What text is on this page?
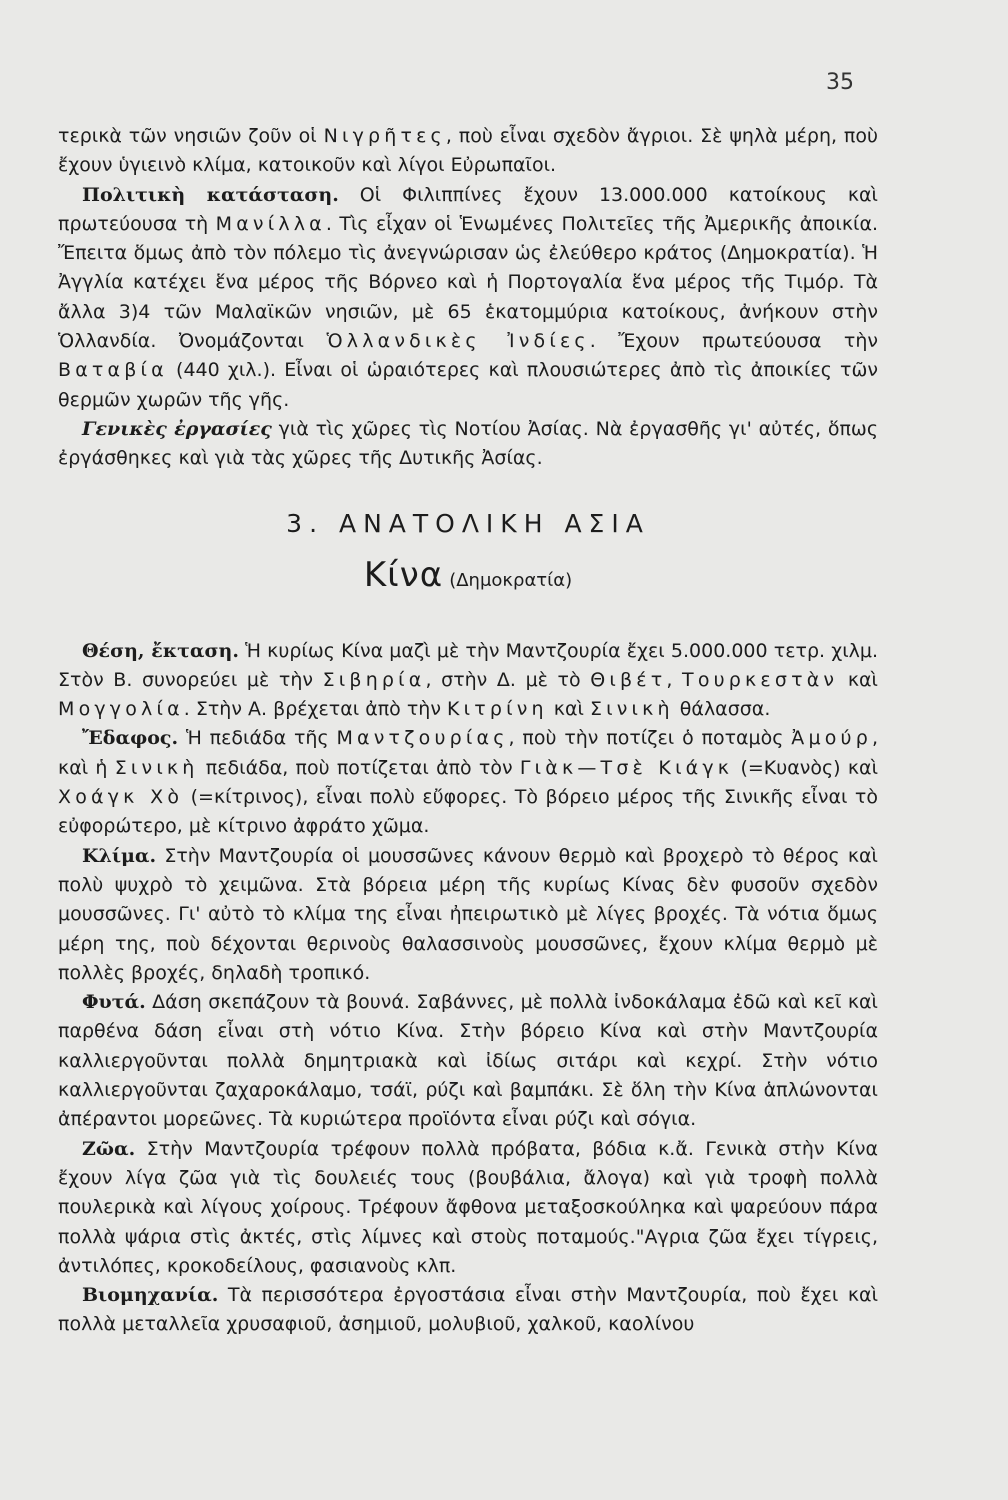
35

τερικὰ τῶν νησιῶν ζοῦν οἱ Νιγρῆτες, ποὺ εἶναι σχεδὸν ἄγριοι. Σὲ ψηλὰ μέρη, ποὺ ἔχουν ὑγιεινὸ κλίμα, κατοικοῦν καὶ λίγοι Εὐρωπαῖοι.

Πολιτικὴ κατάσταση. Οἱ Φιλιππίνες ἔχουν 13.000.000 κατοίκους καὶ πρωτεύουσα τὴ Μανίλλα. Τὶς εἶχαν οἱ Ἑνωμένες Πολιτεῖες τῆς Ἀμερικῆς ἀποικία. Ἔπειτα ὅμως ἀπὸ τὸν πόλεμο τὶς ἀνεγνώρισαν ὡς ἐλεύθερο κράτος (Δημοκρατία). Ἡ Ἀγγλία κατέχει ἕνα μέρος τῆς Βόρνεο καὶ ἡ Πορτογαλία ἕνα μέρος τῆς Τιμόρ. Τὰ ἄλλα 3)4 τῶν Μαλαϊκῶν νησιῶν, μὲ 65 ἑκατομμύρια κατοίκους, ἀνήκουν στὴν Ὁλλανδία. Ὀνομάζονται Ὁλλανδικὲς Ἰνδίες. Ἔχουν πρωτεύουσα τὴν Βαταβία (440 χιλ.). Εἶναι οἱ ὡραιότερες καὶ πλουσιώτερες ἀπὸ τὶς ἀποικίες τῶν θερμῶν χωρῶν τῆς γῆς.

Γενικὲς ἐργασίες γιὰ τὶς χῶρες τὶς Νοτίου Ἀσίας. Νὰ ἐργασθῆς γι' αὐτές, ὅπως ἐργάσθηκες καὶ γιὰ τὰς χῶρες τῆς Δυτικῆς Ἀσίας.

3. ΑΝΑΤΟΛΙΚΗ ΑΣΙΑ
Κίνα (Δημοκρατία)

Θέση, ἔκταση. Ἡ κυρίως Κίνα μαζὶ μὲ τὴν Μαντζουρία ἔχει 5.000.000 τετρ. χιλμ. Στὸν Β. συνορεύει μὲ τὴν Σιβηρία, στὴν Δ. μὲ τὸ Θιβέτ, Τουρκεστὰν καὶ Μογγολία. Στὴν Α. βρέχεται ἀπὸ τὴν Κιτρίνη καὶ Σινικὴ θάλασσα.

Ἔδαφος. Ἡ πεδιάδα τῆς Μαντζουρίας, ποὺ τὴν ποτίζει ὁ ποταμὸς Ἀμούρ, καὶ ἡ Σινικὴ πεδιάδα, ποὺ ποτίζεται ἀπὸ τὸν Γιὰκ—Τσὲ Κιάγκ (=Κυανὸς) καὶ Χοάγκ Χὸ (=κίτρινος), εἶναι πολὺ εὔφορες. Τὸ βόρειο μέρος τῆς Σινικῆς εἶναι τὸ εὐφορώτερο, μὲ κίτρινο ἀφράτο χῶμα.

Κλίμα. Στὴν Μαντζουρία οἱ μουσσῶνες κάνουν θερμὸ καὶ βροχερὸ τὸ θέρος καὶ πολὺ ψυχρὸ τὸ χειμῶνα. Στὰ βόρεια μέρη τῆς κυρίως Κίνας δὲν φυσοῦν σχεδὸν μουσσῶνες. Γι' αὐτὸ τὸ κλίμα της εἶναι ἠπειρωτικὸ μὲ λίγες βροχές. Τὰ νότια ὅμως μέρη της, ποὺ δέχονται θερινοὺς θαλασσινοὺς μουσσῶνες, ἔχουν κλίμα θερμὸ μὲ πολλὲς βροχές, δηλαδὴ τροπικό.

Φυτά. Δάση σκεπάζουν τὰ βουνά. Σαβάννες, μὲ πολλὰ ἰνδοκάλαμα ἐδῶ καὶ κεῖ καὶ παρθένα δάση εἶναι στὴ νότιο Κίνα. Στὴν βόρειο Κίνα καὶ στὴν Μαντζουρία καλλιεργοῦνται πολλὰ δημητριακὰ καὶ ἰδίως σιτάρι καὶ κεχρί. Στὴν νότιο καλλιεργοῦνται ζαχαροκάλαμο, τσάϊ, ρύζι καὶ βαμπάκι. Σὲ ὅλη τὴν Κίνα ἁπλώνονται ἀπέραντοι μορεῶνες. Τὰ κυριώτερα προϊόντα εἶναι ρύζι καὶ σόγια.

Ζῶα. Στὴν Μαντζουρία τρέφουν πολλὰ πρόβατα, βόδια κ.ἄ. Γενικὰ στὴν Κίνα ἔχουν λίγα ζῶα γιὰ τὶς δουλειές τους (βουβάλια, ἄλογα) καὶ γιὰ τροφὴ πολλὰ πουλερικὰ καὶ λίγους χοίρους. Τρέφουν ἄφθονα μεταξοσκούληκα καὶ ψαρεύουν πάρα πολλὰ ψάρια στὶς ἀκτές, στὶς λίμνες καὶ στοὺς ποταμούς."Αγρια ζῶα ἔχει τίγρεις, ἀντιλόπες, κροκοδείλους, φασιανοὺς κλπ.

Βιομηχανία. Τὰ περισσότερα ἐργοστάσια εἶναι στὴν Μαντζουρία, ποὺ ἔχει καὶ πολλὰ μεταλλεῖα χρυσαφιοῦ, ἀσημιοῦ, μολυβιοῦ, χαλκοῦ, καολίνου
